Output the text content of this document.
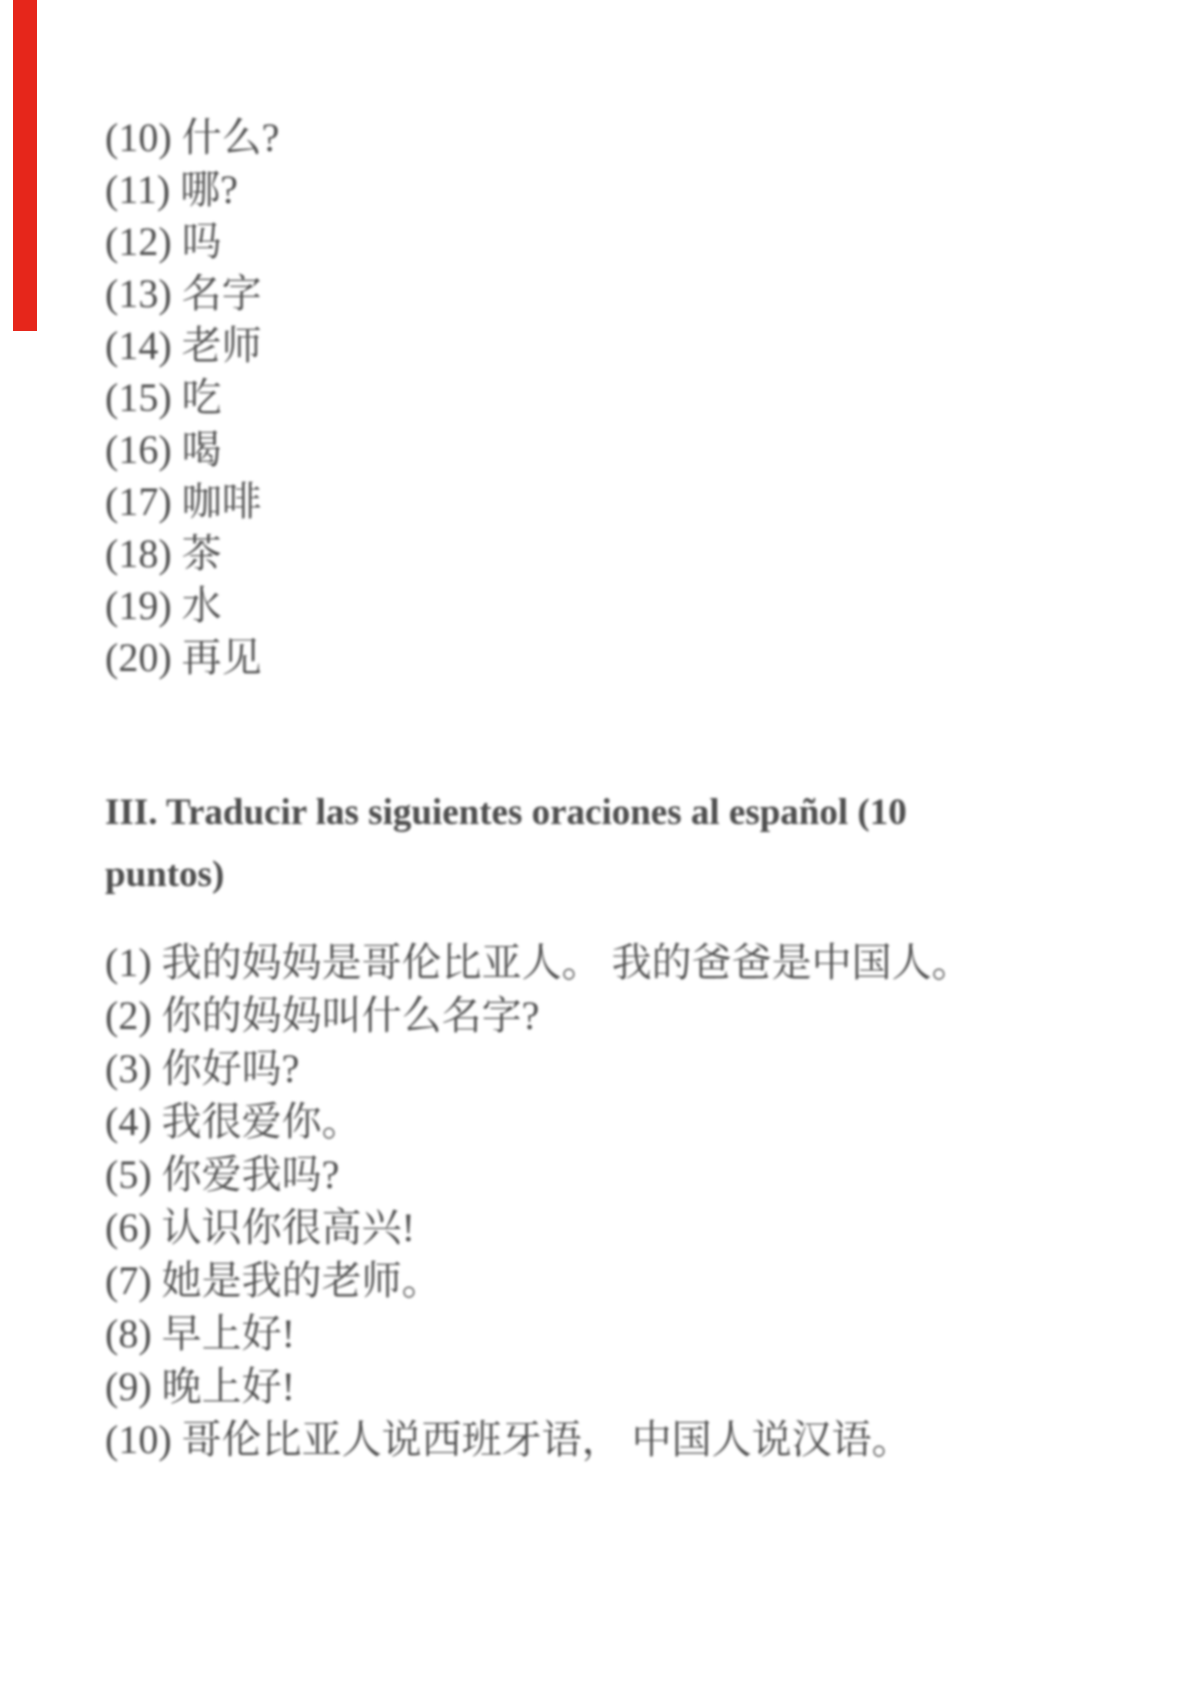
(10) 什么?
(11) 哪?
(12) 吗
(13) 名字
(14) 老师
(15) 吃
(16) 喝
(17) 咖啡
(18) 茶
(19) 水
(20) 再见
III. Traducir las siguientes oraciones al español (10
puntos)
(1) 我的妈妈是哥伦比亚人。 我的爸爸是中国人。
(2) 你的妈妈叫什么名字?
(3) 你好吗?
(4) 我很爱你。
(5) 你爱我吗?
(6) 认识你很高兴!
(7) 她是我的老师。
(8) 早上好!
(9) 晚上好!
(10) 哥伦比亚人说西班牙语， 中国人说汉语。
